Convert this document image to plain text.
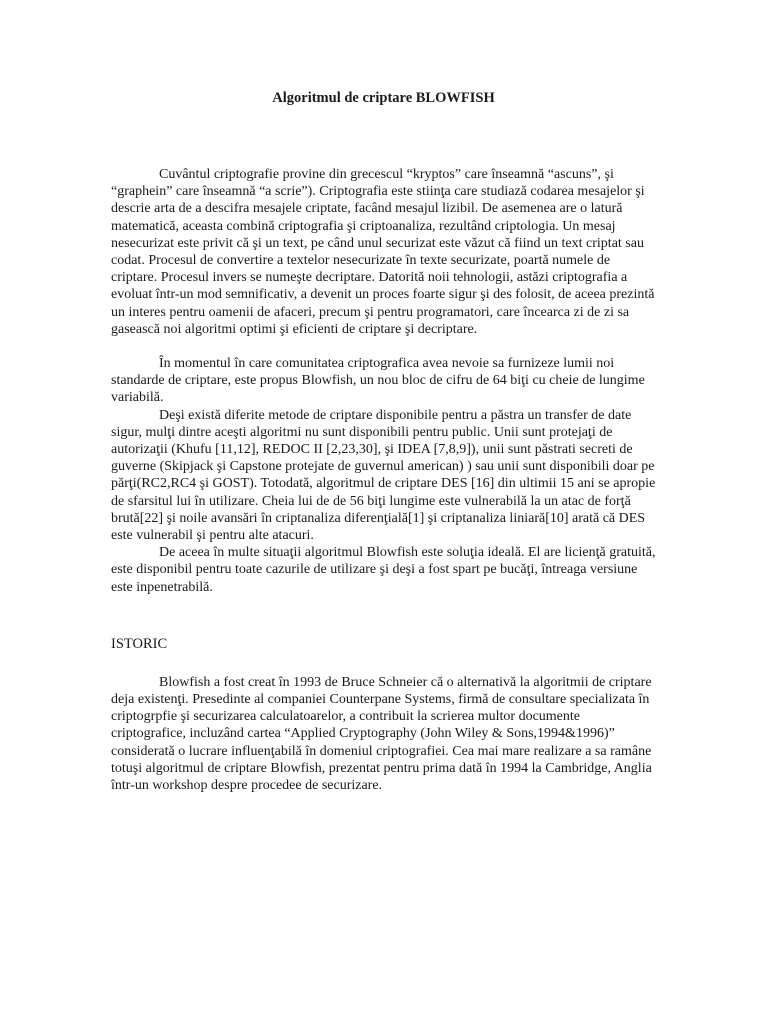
Algoritmul de criptare BLOWFISH

Cuvântul criptografie provine din grecescul “kryptos” care înseamnă “ascuns”, şi “graphein” care înseamnă “a scrie”). Criptografia este stiinţa care studiază codarea mesajelor şi descrie arta de a descifra mesajele criptate, facând mesajul lizibil. De asemenea are o latură matematică, aceasta combină criptografia şi criptoanaliza, rezultând criptologia. Un mesaj nesecurizat este privit că şi un text, pe când unul securizat este văzut că fiind un text criptat sau codat. Procesul de convertire a textelor nesecurizate în texte securizate, poartă numele de criptare. Procesul invers se numeşte decriptare. Datorită noii tehnologii, astăzi criptografia a evoluat într-un mod semnificativ, a devenit un proces foarte sigur şi des folosit, de aceea prezintă un interes pentru oamenii de afaceri, precum şi pentru programatori, care încearca zi de zi sa gasească noi algoritmi optimi şi eficienti de criptare şi decriptare.

În momentul în care comunitatea criptografica avea nevoie sa furnizeze lumii noi standarde de criptare, este propus Blowfish, un nou bloc de cifru de 64 biţi cu cheie de lungime variabilă.

Deşi există diferite metode de criptare disponibile pentru a păstra un transfer de date sigur, mulţi dintre aceşti algoritmi nu sunt disponibili pentru public. Unii sunt protejaţi de autorizaţii (Khufu [11,12], REDOC II [2,23,30], şi IDEA [7,8,9]), unii sunt păstrati secreti de guverne (Skipjack şi Capstone protejate de guvernul american) ) sau unii sunt disponibili doar pe părţi(RC2,RC4 şi GOST). Totodată, algoritmul de criptare DES [16] din ultimii 15 ani se apropie de sfarsitul lui în utilizare. Cheia lui de de 56 biţi lungime este vulnerabilă la un atac de forţă brută[22] şi noile avansări în criptanaliza diferenţială[1] şi criptanaliza liniară[10] arată că DES este vulnerabil şi pentru alte atacuri.

De aceea în multe situaţii algoritmul Blowfish este soluţia ideală. El are licienţă gratuită, este disponibil pentru toate cazurile de utilizare şi deşi a fost spart pe bucăţi, întreaga versiune este inpenetrabilă.

ISTORIC

Blowfish a fost creat în 1993 de Bruce Schneier că o alternativă la algoritmii de criptare deja existenţi. Presedinte al companiei Counterpane Systems, firmă de consultare specializata în criptogrpfie şi securizarea calculatoarelor, a contribuit la scrierea multor documente criptografice, incluzând cartea “Applied Cryptography (John Wiley & Sons,1994&1996)” considerată o lucrare influenţabilă în domeniul criptografiei. Cea mai mare realizare a sa ramâne totuşi algoritmul de criptare Blowfish, prezentat pentru prima dată în 1994 la Cambridge, Anglia într-un workshop despre procedee de securizare.
